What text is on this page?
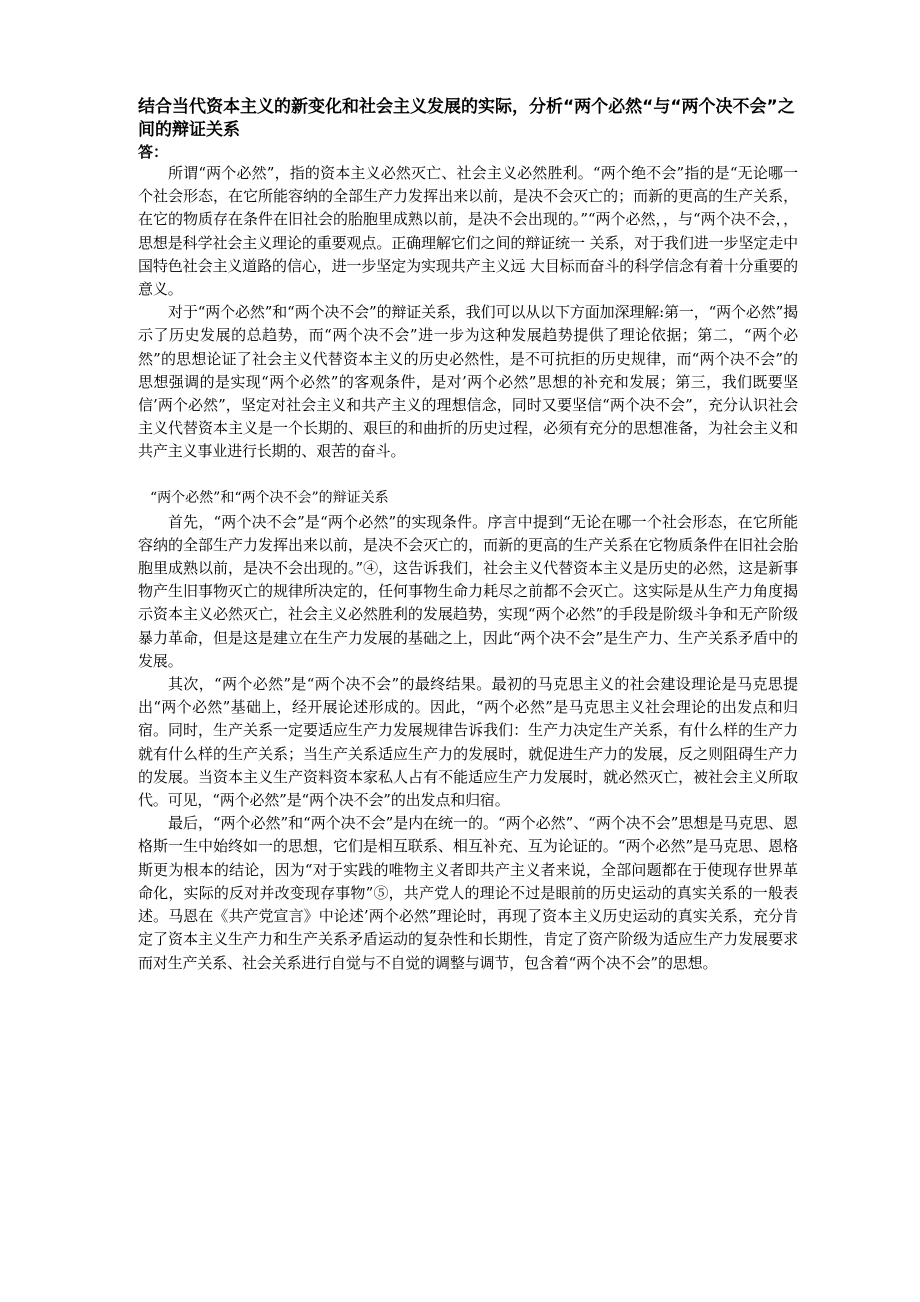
结合当代资本主义的新变化和社会主义发展的实际，分析“两个必然“与“两个决不会”之间的辩证关系

答：

所谓“两个必然”，指的资本主义必然灭亡、社会主义必然胜利。“两个绝不会”指的是“无论哪一个社会形态，在它所能容纳的全部生产力发挥出来以前，是决不会灭亡的；而新的更高的生产关系，在它的物质存在条件在旧社会的胎胞里成熟以前，是决不会出现的。”“两个必然，，与“两个决不会，，思想是科学社会主义理论的重要观点。正确理解它们之间的辩证统一 关系，对于我们进一步坚定走中国特色社会主义道路的信心，进一步坚定为实现共产主义远 大目标而奋斗的科学信念有着十分重要的意义。

对于“两个必然”和“两个决不会”的辩证关系，我们可以从以下方面加深理解:第一，“两个必然”揭示了历史发展的总趋势，而“两个决不会”进一步为这种发展趋势提供了理论依据；第二，“两个必然”的思想论证了社会主义代替资本主义的历史必然性，是不可抗拒的历史规律，而“两个决不会”的思想强调的是实现“两个必然”的客观条件，是对’两个必然”思想的补充和发展；第三，我们既要坚信’两个必然”，坚定对社会主义和共产主义的理想信念，同时又要坚信“两个决不会”，充分认识社会主义代替资本主义是一个长期的、艰巨的和曲折的历史过程，必须有充分的思想准备，为社会主义和共产主义事业进行长期的、艰苦的奋斗。

“两个必然”和“两个决不会”的辩证关系

首先，“两个决不会”是“两个必然”的实现条件。序言中提到“无论在哪一个社会形态，在它所能容纳的全部生产力发挥出来以前，是决不会灭亡的，而新的更高的生产关系在它物质条件在旧社会胎胞里成熟以前，是决不会出现的。”④，这告诉我们，社会主义代替资本主义是历史的必然，这是新事物产生旧事物灭亡的规律所决定的，任何事物生命力耗尽之前都不会灭亡。这实际是从生产力角度揭示资本主义必然灭亡，社会主义必然胜利的发展趋势，实现“两个必然”的手段是阶级斗争和无产阶级暴力革命，但是这是建立在生产力发展的基础之上，因此“两个决不会”是生产力、生产关系矛盾中的发展。

其次，“两个必然”是“两个决不会”的最终结果。最初的马克思主义的社会建设理论是马克思提出“两个必然”基础上，经开展论述形成的。因此，“两个必然”是马克思主义社会理论的出发点和归宿。同时，生产关系一定要适应生产力发展规律告诉我们：生产力决定生产关系，有什么样的生产力就有什么样的生产关系；当生产关系适应生产力的发展时，就促进生产力的发展，反之则阻碍生产力的发展。当资本主义生产资料资本家私人占有不能适应生产力发展时，就必然灭亡，被社会主义所取代。可见，“两个必然”是“两个决不会”的出发点和归宿。

最后，“两个必然”和“两个决不会”是内在统一的。“两个必然”、“两个决不会”思想是马克思、恩格斯一生中始终如一的思想，它们是相互联系、相互补充、互为论证的。“两个必然”是马克思、恩格斯更为根本的结论，因为“对于实践的唯物主义者即共产主义者来说，全部问题都在于使现存世界革命化，实际的反对并改变现存事物”⑤，共产党人的理论不过是眼前的历史运动的真实关系的一般表述。马恩在《共产党宣言》中论述’两个必然”理论时，再现了资本主义历史运动的真实关系，充分肯定了资本主义生产力和生产关系矛盾运动的复杂性和长期性，肯定了资产阶级为适应生产力发展要求而对生产关系、社会关系进行自觉与不自觉的调整与调节，包含着“两个决不会”的思想。
